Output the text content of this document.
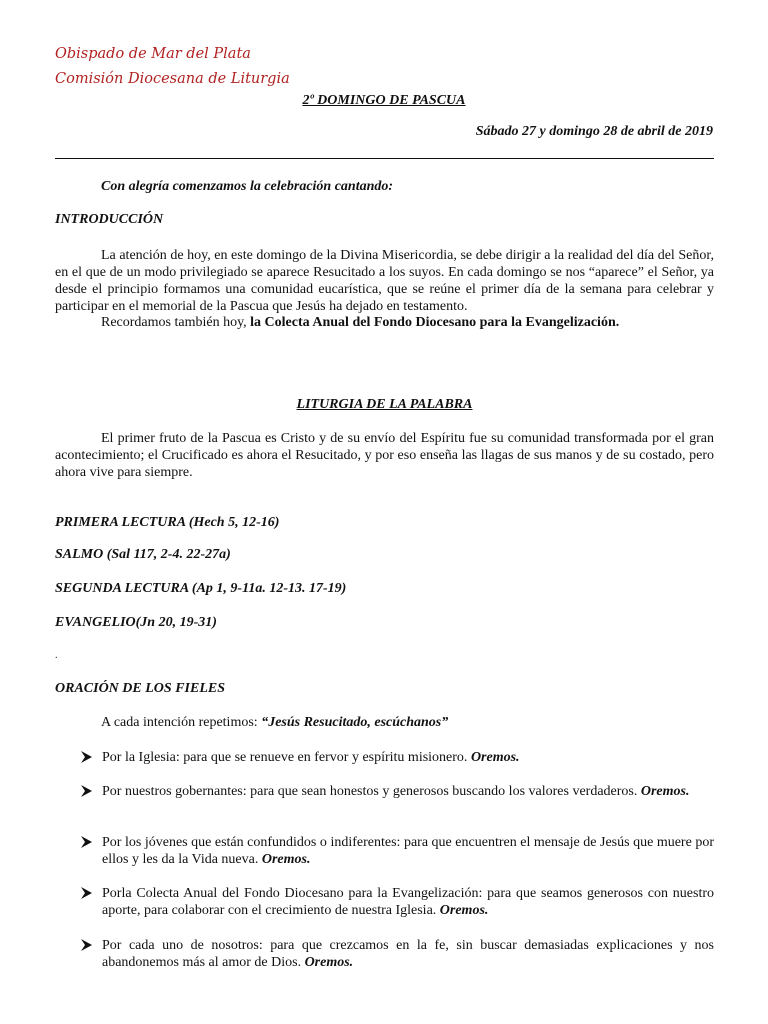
Obispado de Mar del Plata
Comisión Diocesana de Liturgia
2º DOMINGO DE PASCUA
Sábado 27 y domingo 28 de abril de 2019
Con alegría comenzamos la celebración cantando:
INTRODUCCIÓN
La atención de hoy, en este domingo de la Divina Misericordia, se debe dirigir a la realidad del día del Señor, en el que de un modo privilegiado se aparece Resucitado a los suyos. En cada domingo se nos “aparece” el Señor, ya desde el principio formamos una comunidad eucarística, que se reúne el primer día de la semana para celebrar y participar en el memorial de la Pascua que Jesús ha dejado en testamento.
Recordamos también hoy, la Colecta Anual del Fondo Diocesano para la Evangelización.
LITURGIA DE LA PALABRA
El primer fruto de la Pascua es Cristo y de su envío del Espíritu fue su comunidad transformada por el gran acontecimiento; el Crucificado es ahora el Resucitado, y por eso enseña las llagas de sus manos y de su costado, pero ahora vive para siempre.
PRIMERA LECTURA (Hech 5, 12-16)
SALMO (Sal 117, 2-4. 22-27a)
SEGUNDA LECTURA (Ap 1, 9-11a. 12-13. 17-19)
EVANGELIO(Jn 20, 19-31)
.
ORACIÓN DE LOS FIELES
A cada intención repetimos: “Jesús Resucitado, escúchanos”
Por la Iglesia: para que se renueve en fervor y espíritu misionero. Oremos.
Por nuestros gobernantes: para que sean honestos y generosos buscando los valores verdaderos. Oremos.
Por los jóvenes que están confundidos o indiferentes: para que encuentren el mensaje de Jesús que muere por ellos y les da la Vida nueva. Oremos.
Porla Colecta Anual del Fondo Diocesano para la Evangelización: para que seamos generosos con nuestro aporte, para colaborar con el crecimiento de nuestra Iglesia. Oremos.
Por cada uno de nosotros: para que crezcamos en la fe, sin buscar demasiadas explicaciones y nos abandonemos más al amor de Dios. Oremos.
